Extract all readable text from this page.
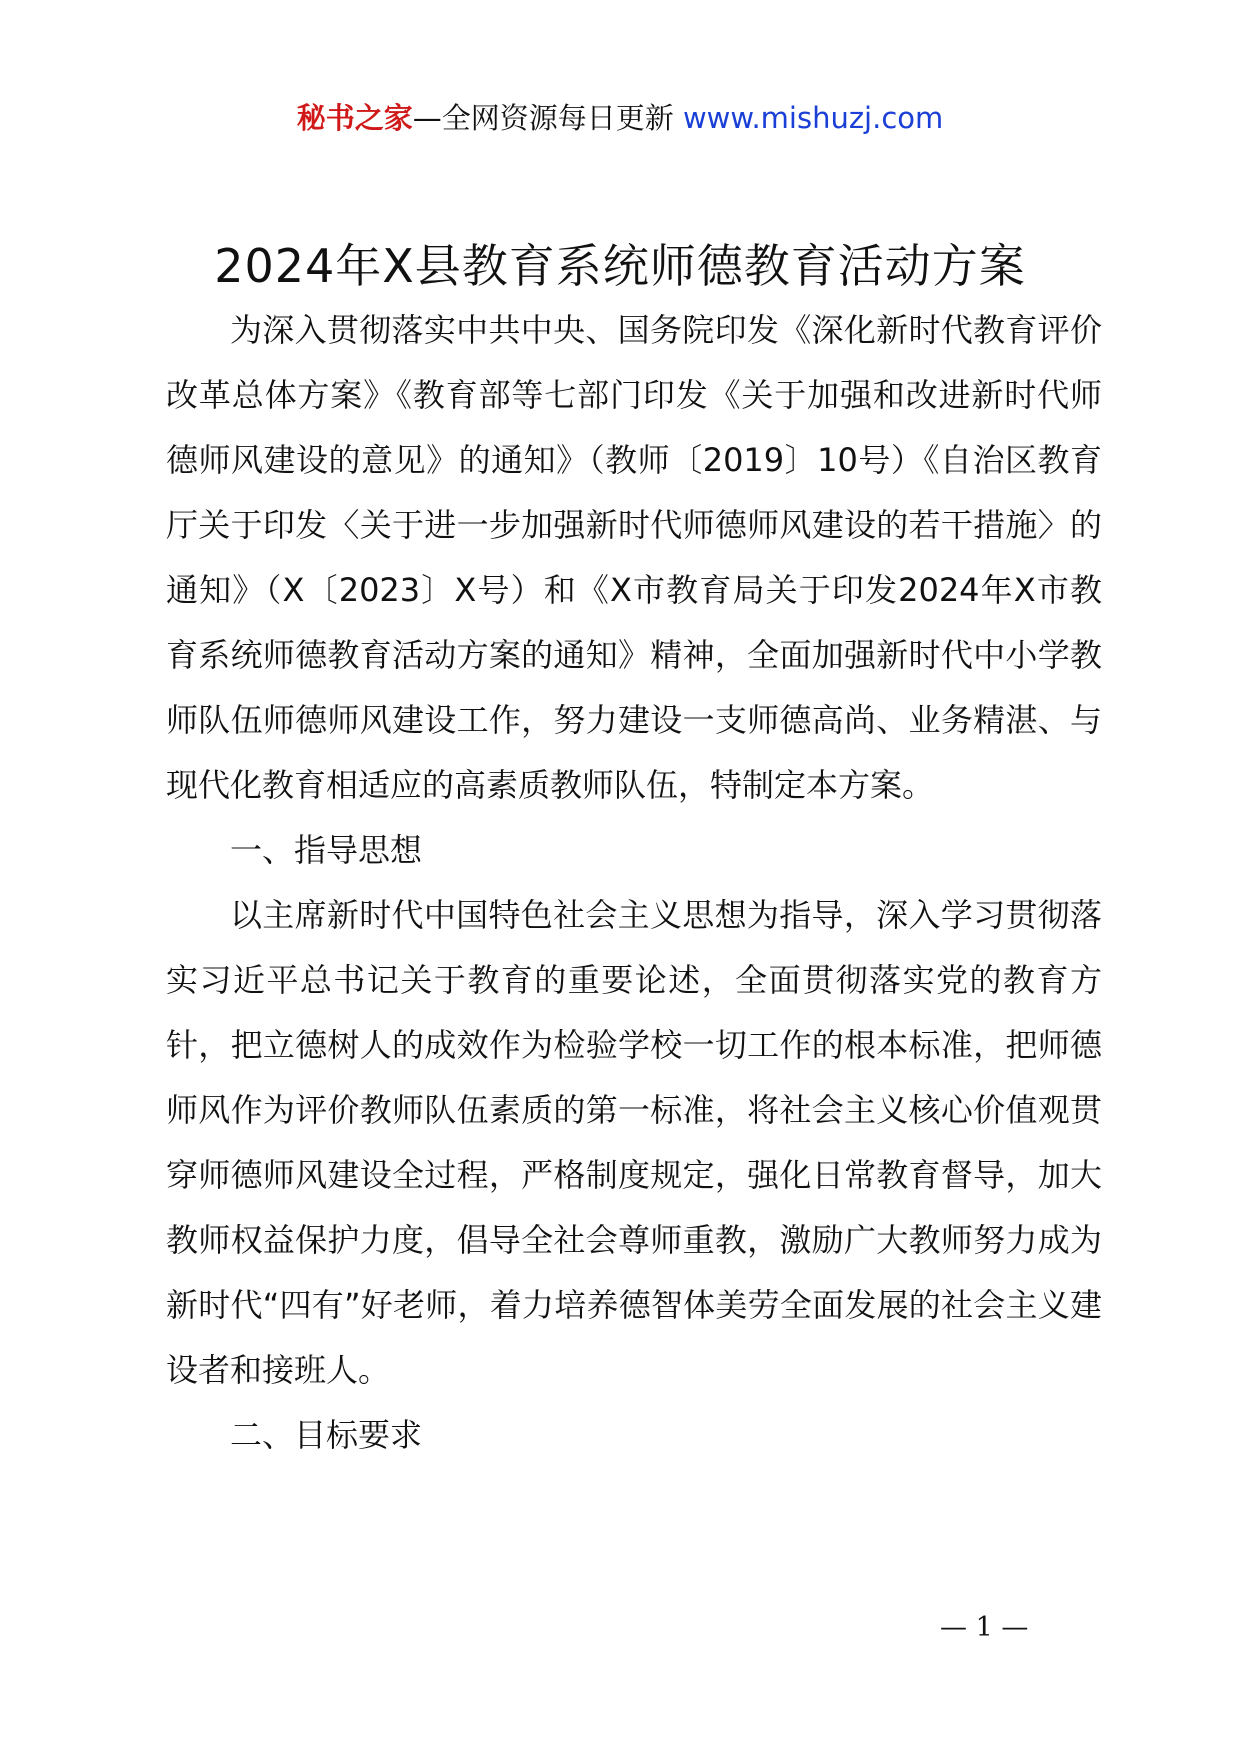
秘书之家—全网资源每日更新 www.mishuzj.com
2024年X县教育系统师德教育活动方案

为深入贯彻落实中共中央、国务院印发《深化新时代教育评价改革总体方案》《教育部等七部门印发《关于加强和改进新时代师德师风建设的意见》的通知》（教师〔2019〕10号）《自治区教育厅关于印发〈关于进一步加强新时代师德师风建设的若干措施〉的通知》（X〔2023〕X号）和《X市教育局关于印发2024年X市教育系统师德教育活动方案的通知》精神，全面加强新时代中小学教师队伍师德师风建设工作，努力建设一支师德高尚、业务精湛、与现代化教育相适应的高素质教师队伍，特制定本方案。

一、指导思想

以主席新时代中国特色社会主义思想为指导，深入学习贯彻落实习近平总书记关于教育的重要论述，全面贯彻落实党的教育方针，把立德树人的成效作为检验学校一切工作的根本标准，把师德师风作为评价教师队伍素质的第一标准，将社会主义核心价值观贯穿师德师风建设全过程，严格制度规定，强化日常教育督导，加大教师权益保护力度，倡导全社会尊师重教，激励广大教师努力成为新时代“四有”好老师，着力培养德智体美劳全面发展的社会主义建设者和接班人。

二、目标要求

— 1 —
